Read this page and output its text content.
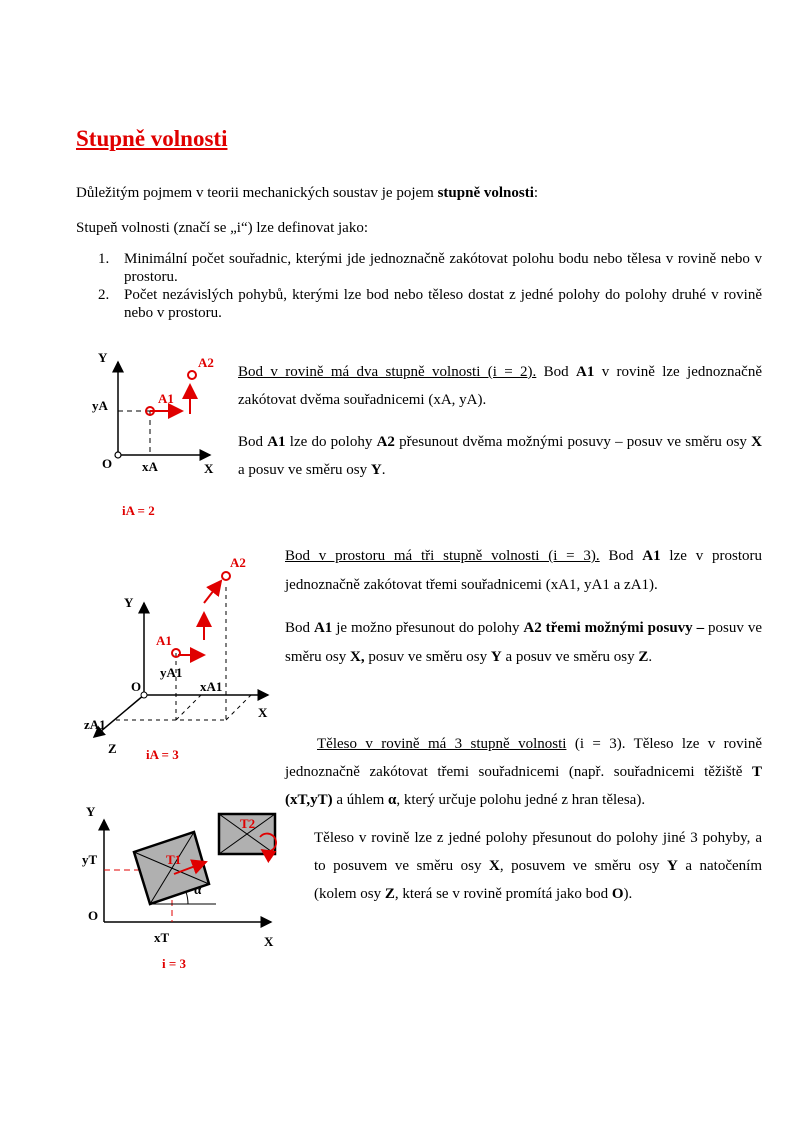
Stupně volnosti
Důležitým pojmem v teorii mechanických soustav je pojem stupně volnosti:
Stupeň volnosti (značí se „i“) lze definovat jako:
1. Minimální počet souřadnic, kterými jde jednoznačně zakótovat polohu bodu nebo tělesa v rovině nebo v prostoru.
2. Počet nezávislých pohybů, kterými lze bod nebo těleso dostat z jedné polohy do polohy druhé v rovině nebo v prostoru.
Y
X
O
yA
xA
A1
A2
iA = 2
Bod v rovině má dva stupně volnosti (i = 2). Bod A1 v rovině lze jednoznačně zakótovat dvěma souřadnicemi (xA, yA).
Bod A1 lze do polohy A2 přesunout dvěma možnými posuvy – posuv ve směru osy X a posuv ve směru osy Y.
Y
X
Z
O
yA1
xA1
zA1
A1
A2
iA = 3
Bod v prostoru má tři stupně volnosti (i = 3). Bod A1 lze v prostoru jednoznačně zakótovat třemi souřadnicemi (xA1, yA1 a zA1).
Bod A1 je možno přesunout do polohy A2 třemi možnými posuvy – posuv ve směru osy X, posuv ve směru osy Y a posuv ve směru osy Z.
Těleso v rovině má 3 stupně volnosti (i = 3). Těleso lze v rovině jednoznačně zakótovat třemi souřadnicemi (např. souřadnicemi těžiště T (xT,yT) a úhlem α, který určuje polohu jedné z hran tělesa).
Těleso v rovině lze z jedné polohy přesunout do polohy jiné 3 pohyby, a to posuvem ve směru osy X, posuvem ve směru osy Y a natočením (kolem osy Z, která se v rovině promítá jako bod O).
Y
X
O
yT
xT
T1
T2
α
i = 3
